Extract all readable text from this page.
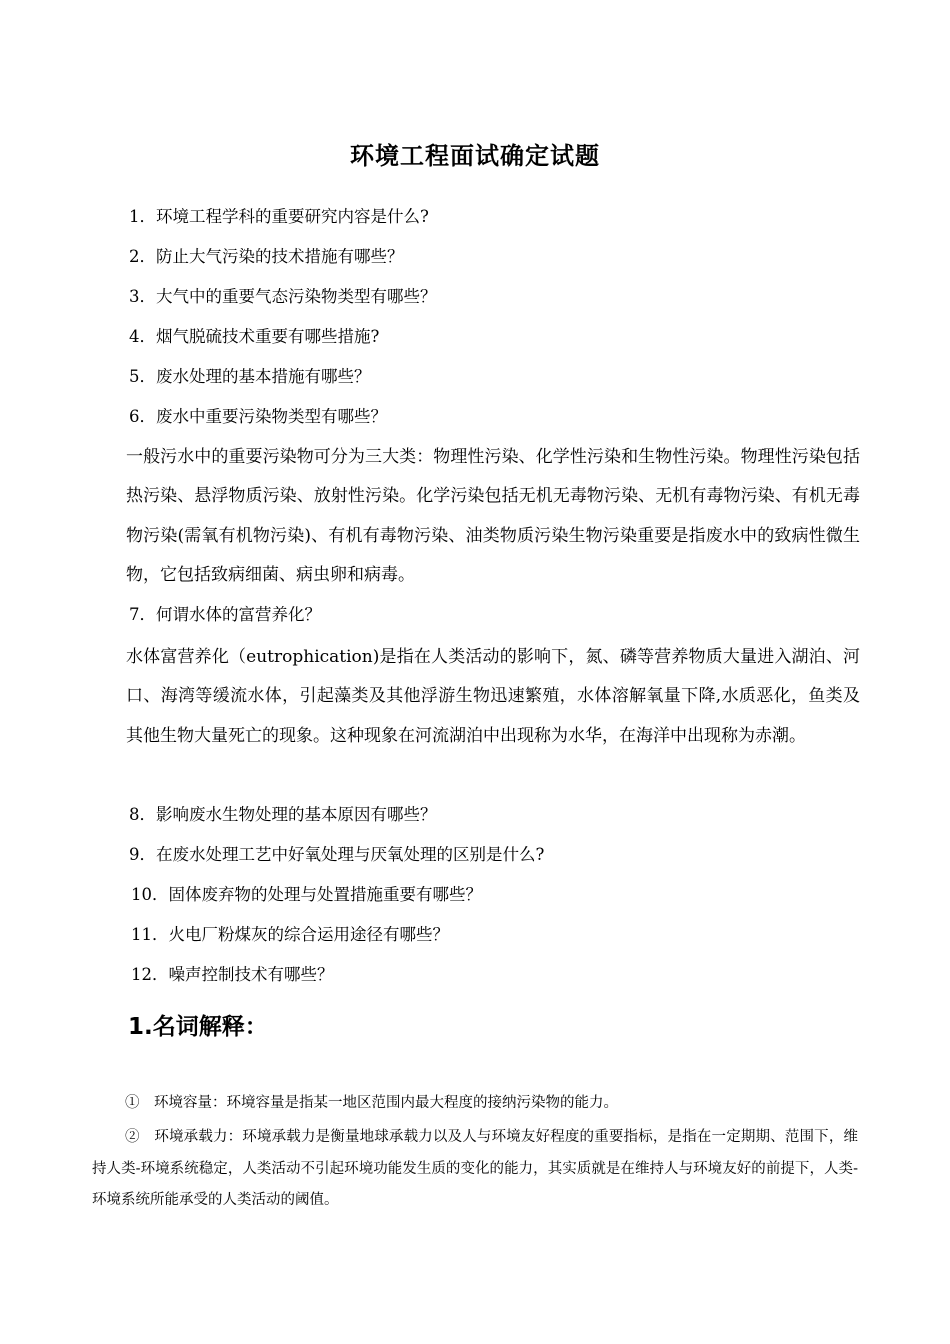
环境工程面试确定试题
1．环境工程学科的重要研究内容是什么?
2．防止大气污染的技术措施有哪些？
3．大气中的重要气态污染物类型有哪些？
4．烟气脱硫技术重要有哪些措施?
5．废水处理的基本措施有哪些？
6．废水中重要污染物类型有哪些？
一般污水中的重要污染物可分为三大类：物理性污染、化学性污染和生物性污染。物理性污染包括热污染、悬浮物质污染、放射性污染。化学污染包括无机无毒物污染、无机有毒物污染、有机无毒物污染(需氧有机物污染)、有机有毒物污染、油类物质污染生物污染重要是指废水中的致病性微生物，它包括致病细菌、病虫卵和病毒。
7．何谓水体的富营养化？
水体富营养化（eutrophication)是指在人类活动的影响下，氮、磷等营养物质大量进入湖泊、河口、海湾等缓流水体，引起藻类及其他浮游生物迅速繁殖，水体溶解氧量下降,水质恶化，鱼类及其他生物大量死亡的现象。这种现象在河流湖泊中出现称为水华，在海洋中出现称为赤潮。
8．影响废水生物处理的基本原因有哪些？
9．在废水处理工艺中好氧处理与厌氧处理的区别是什么?
10．固体废弃物的处理与处置措施重要有哪些？
11．火电厂粉煤灰的综合运用途径有哪些？
12．噪声控制技术有哪些？
1.名词解释：
①　环境容量：环境容量是指某一地区范围内最大程度的接纳污染物的能力。
②　环境承载力：环境承载力是衡量地球承载力以及人与环境友好程度的重要指标，是指在一定期期、范围下，维持人类-环境系统稳定，人类活动不引起环境功能发生质的变化的能力，其实质就是在维持人与环境友好的前提下，人类-环境系统所能承受的人类活动的阈值。
